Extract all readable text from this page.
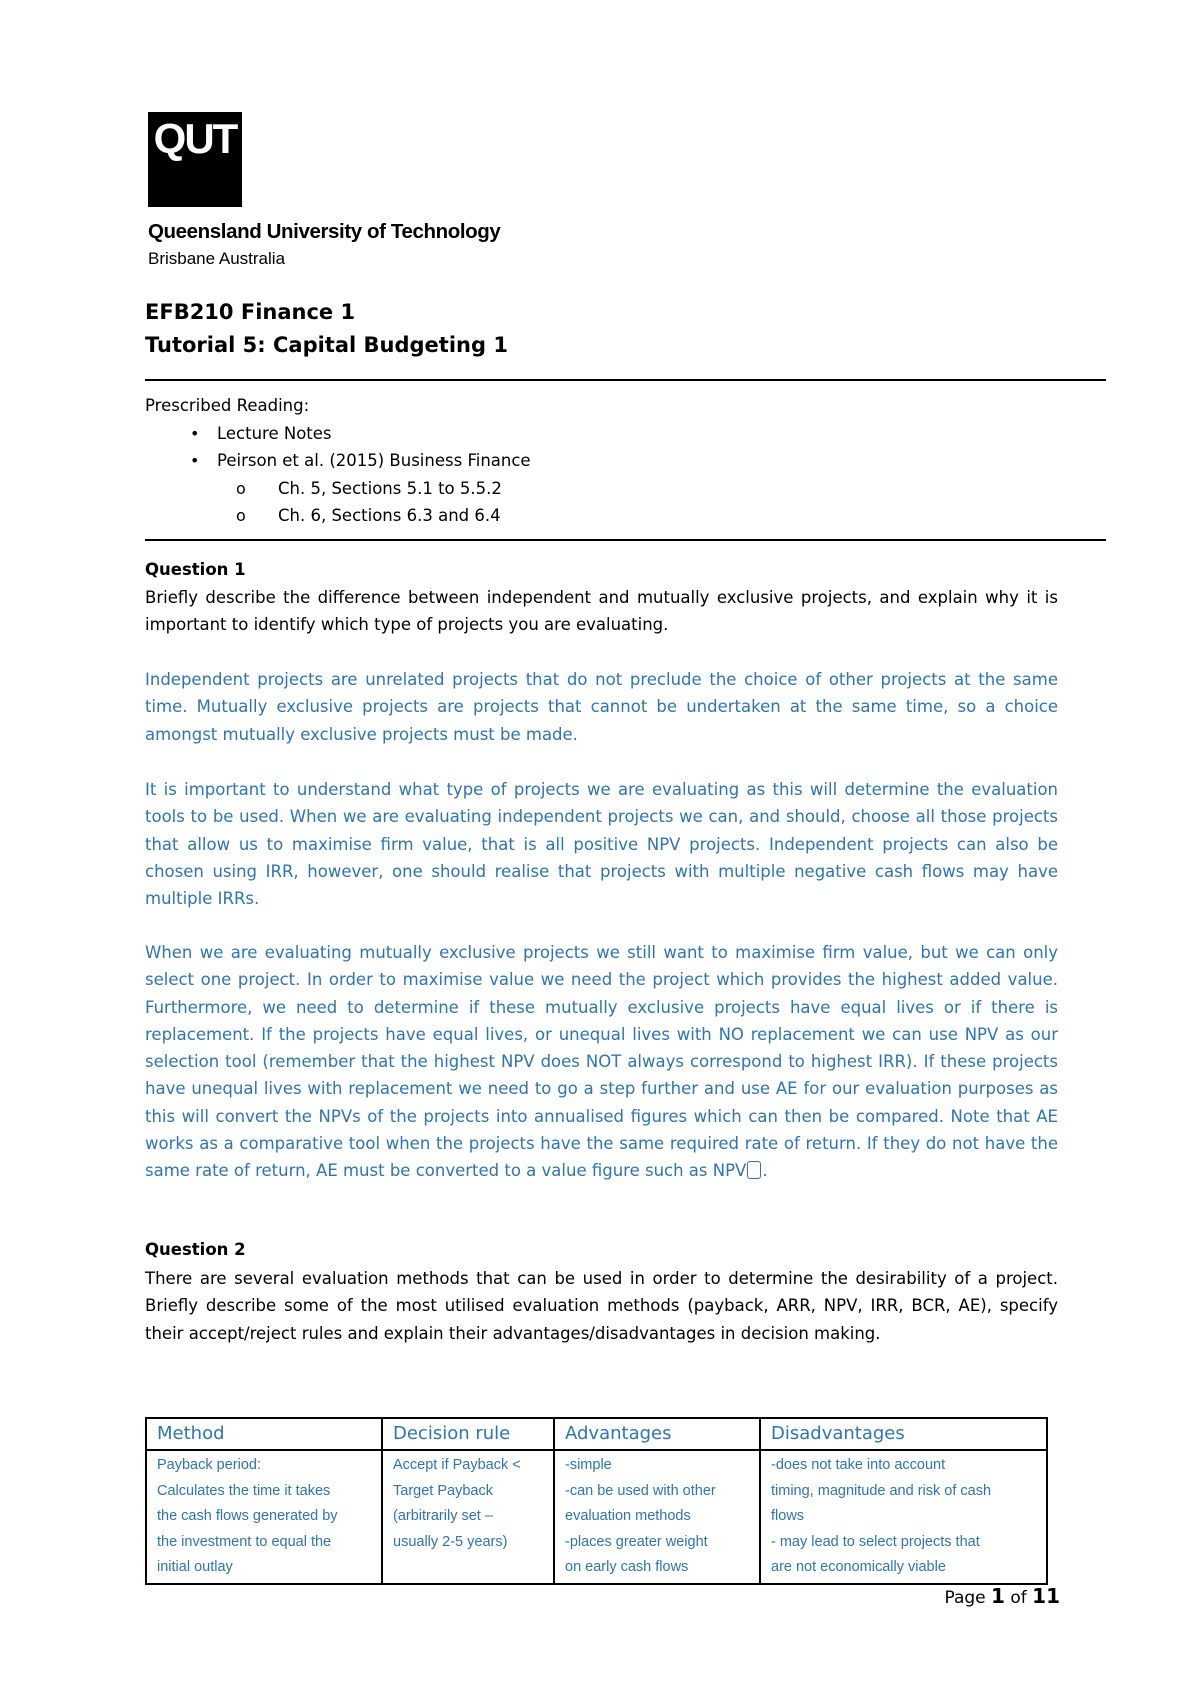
QUT
Queensland University of Technology
Brisbane Australia
EFB210 Finance 1
Tutorial 5: Capital Budgeting 1
Prescribed Reading:
• Lecture Notes
• Peirson et al. (2015) Business Finance
o Ch. 5, Sections 5.1 to 5.5.2
o Ch. 6, Sections 6.3 and 6.4
Question 1
Briefly describe the difference between independent and mutually exclusive projects, and explain why it is important to identify which type of projects you are evaluating.
Independent projects are unrelated projects that do not preclude the choice of other projects at the same time. Mutually exclusive projects are projects that cannot be undertaken at the same time, so a choice amongst mutually exclusive projects must be made.
It is important to understand what type of projects we are evaluating as this will determine the evaluation tools to be used. When we are evaluating independent projects we can, and should, choose all those projects that allow us to maximise firm value, that is all positive NPV projects. Independent projects can also be chosen using IRR, however, one should realise that projects with multiple negative cash flows may have multiple IRRs.
When we are evaluating mutually exclusive projects we still want to maximise firm value, but we can only select one project. In order to maximise value we need the project which provides the highest added value. Furthermore, we need to determine if these mutually exclusive projects have equal lives or if there is replacement. If the projects have equal lives, or unequal lives with NO replacement we can use NPV as our selection tool (remember that the highest NPV does NOT always correspond to highest IRR). If these projects have unequal lives with replacement we need to go a step further and use AE for our evaluation purposes as this will convert the NPVs of the projects into annualised figures which can then be compared. Note that AE works as a comparative tool when the projects have the same required rate of return. If they do not have the same rate of return, AE must be converted to a value figure such as NPV .
Question 2
There are several evaluation methods that can be used in order to determine the desirability of a project. Briefly describe some of the most utilised evaluation methods (payback, ARR, NPV, IRR, BCR, AE), specify their accept/reject rules and explain their advantages/disadvantages in decision making.
Method	Decision rule	Advantages	Disadvantages

Payback period:
Calculates the time it takes
the cash flows generated by
the investment to equal the
initial outlay	Accept if Payback <
Target Payback
(arbitrarily set –
usually 2-5 years)	-simple
-can be used with other
evaluation methods
-places greater weight
on early cash flows	-does not take into account
timing, magnitude and risk of cash
flows
- may lead to select projects that
are not economically viable
Page 1 of 11
